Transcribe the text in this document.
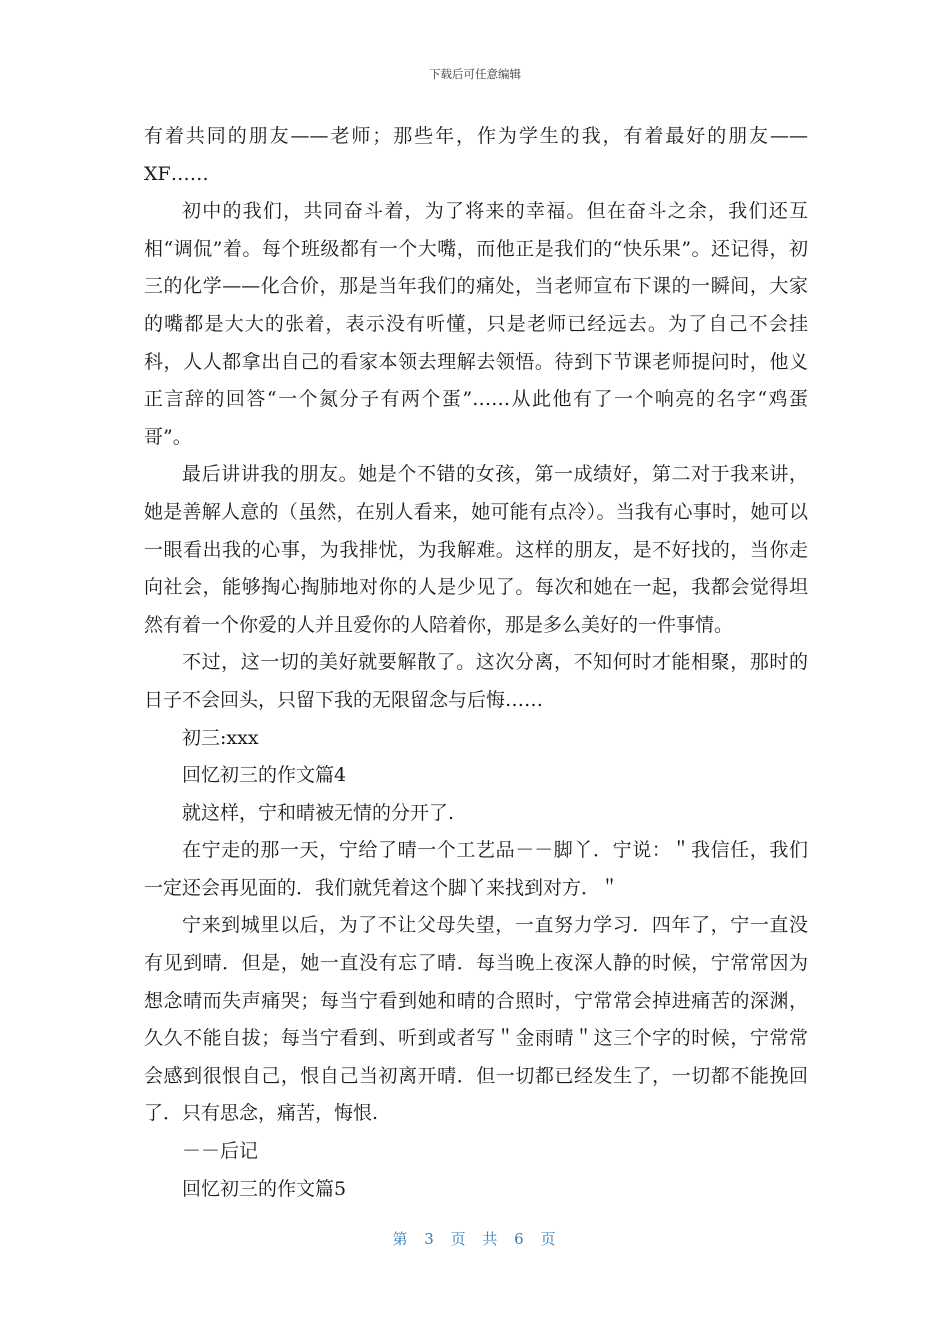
下载后可任意编辑

有着共同的朋友——老师；那些年，作为学生的我，有着最好的朋友——XF……

初中的我们，共同奋斗着，为了将来的幸福。但在奋斗之余，我们还互相“调侃”着。每个班级都有一个大嘴，而他正是我们的“快乐果”。还记得，初三的化学——化合价，那是当年我们的痛处，当老师宣布下课的一瞬间，大家的嘴都是大大的张着，表示没有听懂，只是老师已经远去。为了自己不会挂科，人人都拿出自己的看家本领去理解去领悟。待到下节课老师提问时，他义正言辞的回答“一个氮分子有两个蛋”……从此他有了一个响亮的名字“鸡蛋哥”。

最后讲讲我的朋友。她是个不错的女孩，第一成绩好，第二对于我来讲，她是善解人意的（虽然，在别人看来，她可能有点冷）。当我有心事时，她可以一眼看出我的心事，为我排忧，为我解难。这样的朋友，是不好找的，当你走向社会，能够掏心掏肺地对你的人是少见了。每次和她在一起，我都会觉得坦然有着一个你爱的人并且爱你的人陪着你，那是多么美好的一件事情。

不过，这一切的美好就要解散了。这次分离，不知何时才能相聚，那时的日子不会回头，只留下我的无限留念与后悔……

初三:xxx

回忆初三的作文篇4

就这样，宁和晴被无情的分开了.

在宁走的那一天，宁给了晴一个工艺品－－脚丫．宁说：＂我信任，我们一定还会再见面的．我们就凭着这个脚丫来找到对方．＂

宁来到城里以后，为了不让父母失望，一直努力学习．四年了，宁一直没有见到晴．但是，她一直没有忘了晴．每当晚上夜深人静的时候，宁常常因为想念晴而失声痛哭；每当宁看到她和晴的合照时，宁常常会掉进痛苦的深渊，久久不能自拔；每当宁看到、听到或者写＂金雨晴＂这三个字的时候，宁常常会感到很恨自己，恨自己当初离开晴．但一切都已经发生了，一切都不能挽回了．只有思念，痛苦，悔恨.

－－后记

回忆初三的作文篇5

第 3 页 共 6 页
